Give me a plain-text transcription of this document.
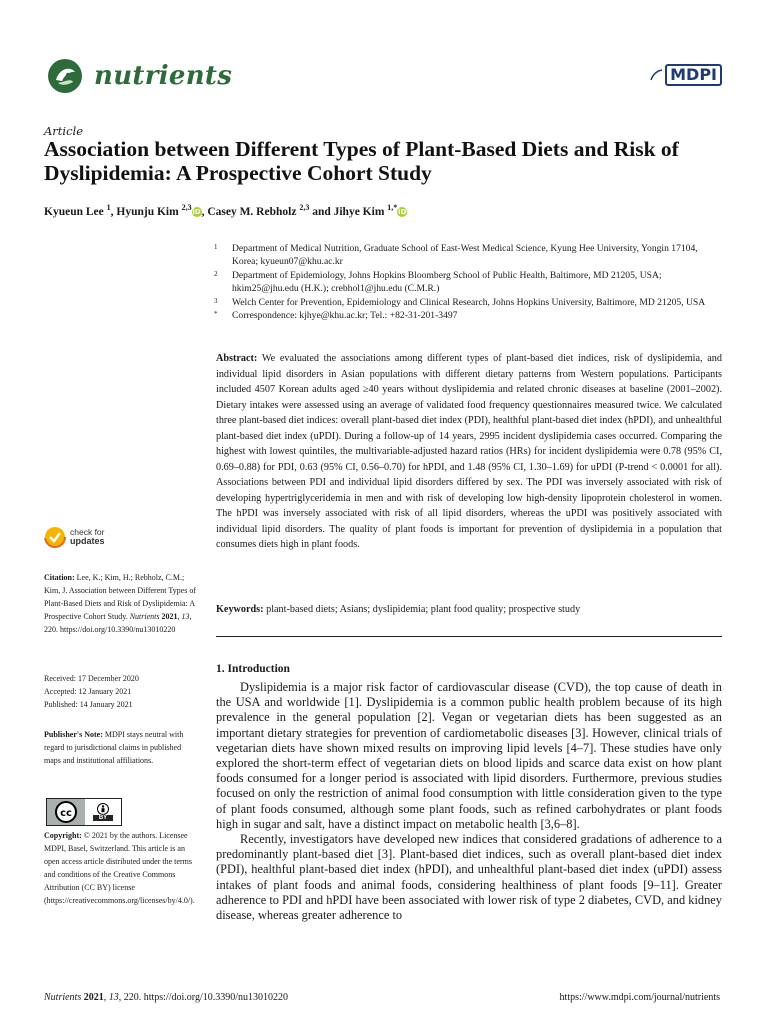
nutrients	MDPI
Article
Association between Different Types of Plant-Based Diets and Risk of Dyslipidemia: A Prospective Cohort Study
Kyueun Lee $^1$, Hyunju Kim $^{2,3}$iD, Casey M. Rebholz $^{2,3}$ and Jihye Kim $^{1,*}$iD
1	Department of Medical Nutrition, Graduate School of East-West Medical Science, Kyung Hee University, Yongin 17104, Korea; kyueun07@khu.ac.kr
2	Department of Epidemiology, Johns Hopkins Bloomberg School of Public Health, Baltimore, MD 21205, USA; hkim25@jhu.edu (H.K.); crebhol1@jhu.edu (C.M.R.)
3	Welch Center for Prevention, Epidemiology and Clinical Research, Johns Hopkins University, Baltimore, MD 21205, USA
*	Correspondence: kjhye@khu.ac.kr; Tel.: +82-31-201-3497
Abstract: We evaluated the associations among different types of plant-based diet indices, risk of dyslipidemia, and individual lipid disorders in Asian populations with different dietary patterns from Western populations. Participants included 4507 Korean adults aged ≥40 years without dyslipidemia and related chronic diseases at baseline (2001–2002). Dietary intakes were assessed using an average of validated food frequency questionnaires measured twice. We calculated three plant-based diet indices: overall plant-based diet index (PDI), healthful plant-based diet index (hPDI), and unhealthful plant-based diet index (uPDI). During a follow-up of 14 years, 2995 incident dyslipidemia cases occurred. Comparing the highest with lowest quintiles, the multivariable-adjusted hazard ratios (HRs) for incident dyslipidemia were 0.78 (95% CI, 0.69–0.88) for PDI, 0.63 (95% CI, 0.56–0.70) for hPDI, and 1.48 (95% CI, 1.30–1.69) for uPDI (P-trend < 0.0001 for all). Associations between PDI and individual lipid disorders differed by sex. The PDI was inversely associated with risk of developing hypertriglyceridemia in men and with risk of developing low high-density lipoprotein cholesterol in women. The hPDI was inversely associated with risk of all lipid disorders, whereas the uPDI was positively associated with individual lipid disorders. The quality of plant foods is important for prevention of dyslipidemia in a population that consumes diets high in plant foods.
Keywords: plant-based diets; Asians; dyslipidemia; plant food quality; prospective study
check for
updates
Citation: Lee, K.; Kim, H.; Rebholz, C.M.; Kim, J. Association between Different Types of Plant-Based Diets and Risk of Dyslipidemia: A Prospective Cohort Study. Nutrients 2021, 13, 220. https://doi.org/10.3390/nu13010220
Received: 17 December 2020
Accepted: 12 January 2021
Published: 14 January 2021
Publisher's Note: MDPI stays neutral with regard to jurisdictional claims in published maps and institutional affiliations.
cc	BY
Copyright: © 2021 by the authors. Licensee MDPI, Basel, Switzerland. This article is an open access article distributed under the terms and conditions of the Creative Commons Attribution (CC BY) license (https://creativecommons.org/licenses/by/4.0/).
1. Introduction

Dyslipidemia is a major risk factor of cardiovascular disease (CVD), the top cause of death in the USA and worldwide [1]. Dyslipidemia is a common public health problem because of its high prevalence in the general population [2]. Vegan or vegetarian diets has been suggested as an important dietary strategies for prevention of cardiometabolic diseases [3]. However, clinical trials of vegetarian diets have shown mixed results on improving lipid levels [4–7]. These studies have only explored the short-term effect of vegetarian diets on blood lipids and scarce data exist on how plant foods consumed for a longer period is associated with lipid disorders. Furthermore, previous studies focused on only the restriction of animal food consumption with little consideration given to the type of plant foods consumed, although some plant foods, such as refined carbohydrates or plant foods high in sugar and salt, have a distinct impact on metabolic health [3,6–8].

Recently, investigators have developed new indices that considered gradations of adherence to a predominantly plant-based diet [3]. Plant-based diet indices, such as overall plant-based diet index (PDI), healthful plant-based diet index (hPDI), and unhealthful plant-based diet index (uPDI) assess intakes of plant foods and animal foods, considering healthiness of plant foods [9–11]. Greater adherence to PDI and hPDI have been associated with lower risk of type 2 diabetes, CVD, and kidney disease, whereas greater adherence to

Nutrients 2021, 13, 220. https://doi.org/10.3390/nu13010220	https://www.mdpi.com/journal/nutrients
